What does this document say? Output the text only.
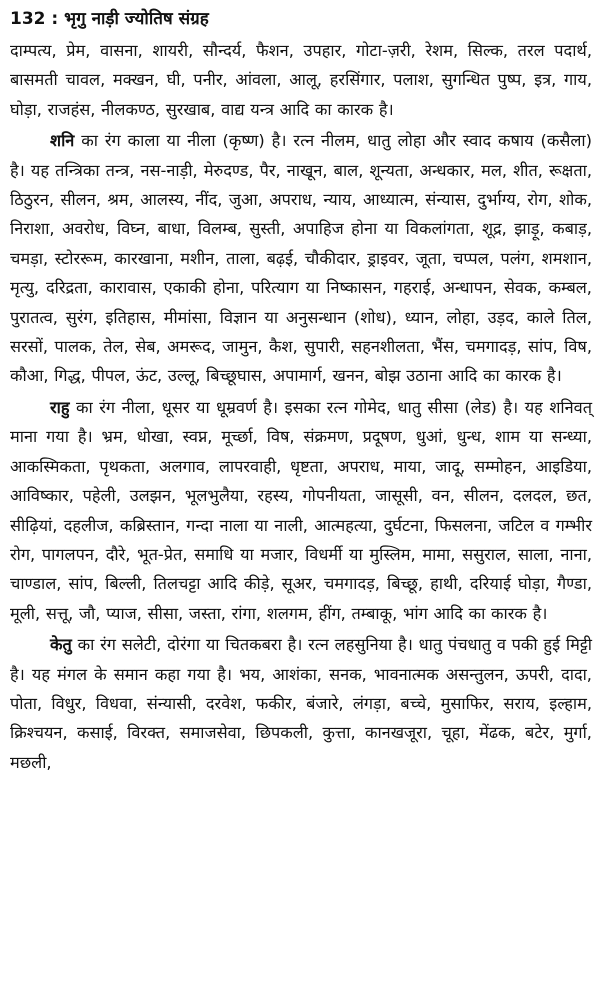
132 : भृगु नाड़ी ज्योतिष संग्रह

दाम्पत्य, प्रेम, वासना, शायरी, सौन्दर्य, फैशन, उपहार, गोटा-ज़री, रेशम, सिल्क, तरल पदार्थ, बासमती चावल, मक्खन, घी, पनीर, आंवला, आलू, हरसिंगार, पलाश, सुगन्धित पुष्प, इत्र, गाय, घोड़ा, राजहंस, नीलकण्ठ, सुरखाब, वाद्य यन्त्र आदि का कारक है।

शनि का रंग काला या नीला (कृष्ण) है। रत्न नीलम, धातु लोहा और स्वाद कषाय (कसैला) है। यह तन्त्रिका तन्त्र, नस-नाड़ी, मेरुदण्ड, पैर, नाखून, बाल, शून्यता, अन्धकार, मल, शीत, रूक्षता, ठिठुरन, सीलन, श्रम, आलस्य, नींद, जुआ, अपराध, न्याय, आध्यात्म, संन्यास, दुर्भाग्य, रोग, शोक, निराशा, अवरोध, विघ्न, बाधा, विलम्ब, सुस्ती, अपाहिज होना या विकलांगता, शूद्र, झाड़ू, कबाड़, चमड़ा, स्टोररूम, कारखाना, मशीन, ताला, बढ़ई, चौकीदार, ड्राइवर, जूता, चप्पल, पलंग, शमशान, मृत्यु, दरिद्रता, कारावास, एकाकी होना, परित्याग या निष्कासन, गहराई, अन्धापन, सेवक, कम्बल, पुरातत्व, सुरंग, इतिहास, मीमांसा, विज्ञान या अनुसन्धान (शोध), ध्यान, लोहा, उड़द, काले तिल, सरसों, पालक, तेल, सेब, अमरूद, जामुन, कैश, सुपारी, सहनशीलता, भैंस, चमगादड़, सांप, विष, कौआ, गिद्ध, पीपल, ऊंट, उल्लू, बिच्छूघास, अपामार्ग, खनन, बोझ उठाना आदि का कारक है।

राहु का रंग नीला, धूसर या धूम्रवर्ण है। इसका रत्न गोमेद, धातु सीसा (लेड) है। यह शनिवत् माना गया है। भ्रम, धोखा, स्वप्न, मूर्च्छा, विष, संक्रमण, प्रदूषण, धुआं, धुन्ध, शाम या सन्ध्या, आकस्मिकता, पृथकता, अलगाव, लापरवाही, धृष्टता, अपराध, माया, जादू, सम्मोहन, आइडिया, आविष्कार, पहेली, उलझन, भूलभुलैया, रहस्य, गोपनीयता, जासूसी, वन, सीलन, दलदल, छत, सीढ़ियां, दहलीज, कब्रिस्तान, गन्दा नाला या नाली, आत्महत्या, दुर्घटना, फिसलना, जटिल व गम्भीर रोग, पागलपन, दौरे, भूत-प्रेत, समाधि या मजार, विधर्मी या मुस्लिम, मामा, ससुराल, साला, नाना, चाण्डाल, सांप, बिल्ली, तिलचट्टा आदि कीड़े, सूअर, चमगादड़, बिच्छू, हाथी, दरियाई घोड़ा, गैण्डा, मूली, सत्तू, जौ, प्याज, सीसा, जस्ता, रांगा, शलगम, हींग, तम्बाकू, भांग आदि का कारक है।

केतु का रंग सलेटी, दोरंगा या चितकबरा है। रत्न लहसुनिया है। धातु पंचधातु व पकी हुई मिट्टी है। यह मंगल के समान कहा गया है। भय, आशंका, सनक, भावनात्मक असन्तुलन, ऊपरी, दादा, पोता, विधुर, विधवा, संन्यासी, दरवेश, फकीर, बंजारे, लंगड़ा, बच्चे, मुसाफिर, सराय, इल्हाम, क्रिश्चयन, कसाई, विरक्त, समाजसेवा, छिपकली, कुत्ता, कानखजूरा, चूहा, मेंढक, बटेर, मुर्गा, मछली,
